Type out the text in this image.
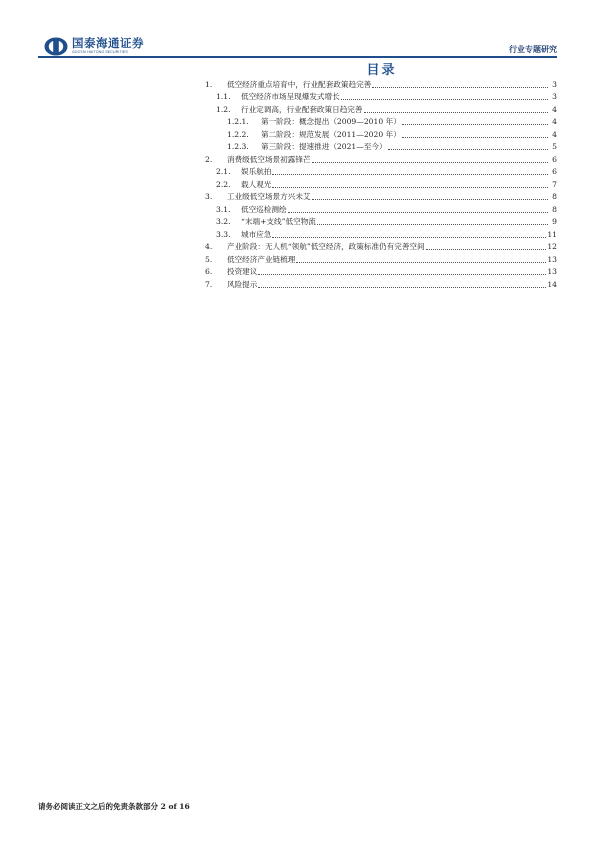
国泰海通证券
GUOTAI HAITONG SECURITIES	行业专题研究
目录
1.	低空经济重点培育中，行业配套政策趋完善	3
1.1.	低空经济市场呈现爆发式增长	3
1.2.	行业定调高，行业配套政策日趋完善	4
1.2.1.	第一阶段：概念提出（2009—2010 年）	4
1.2.2.	第二阶段：规范发展（2011—2020 年）	4
1.2.3.	第三阶段：提速推进（2021—至今）	5
2.	消费级低空场景初露锋芒	6
2.1.	娱乐航拍	6
2.2.	载人观光	7
3.	工业级低空场景方兴未艾	8
3.1.	低空巡检测绘	8
3.2.	“末端+支线”低空物流	9
3.3.	城市应急	11
4.	产业阶段：无人机“领航”低空经济，政策标准仍有完善空间	12
5.	低空经济产业链梳理	13
6.	投资建议	13
7.	风险提示	14
请务必阅读正文之后的免责条款部分 2 of 16
